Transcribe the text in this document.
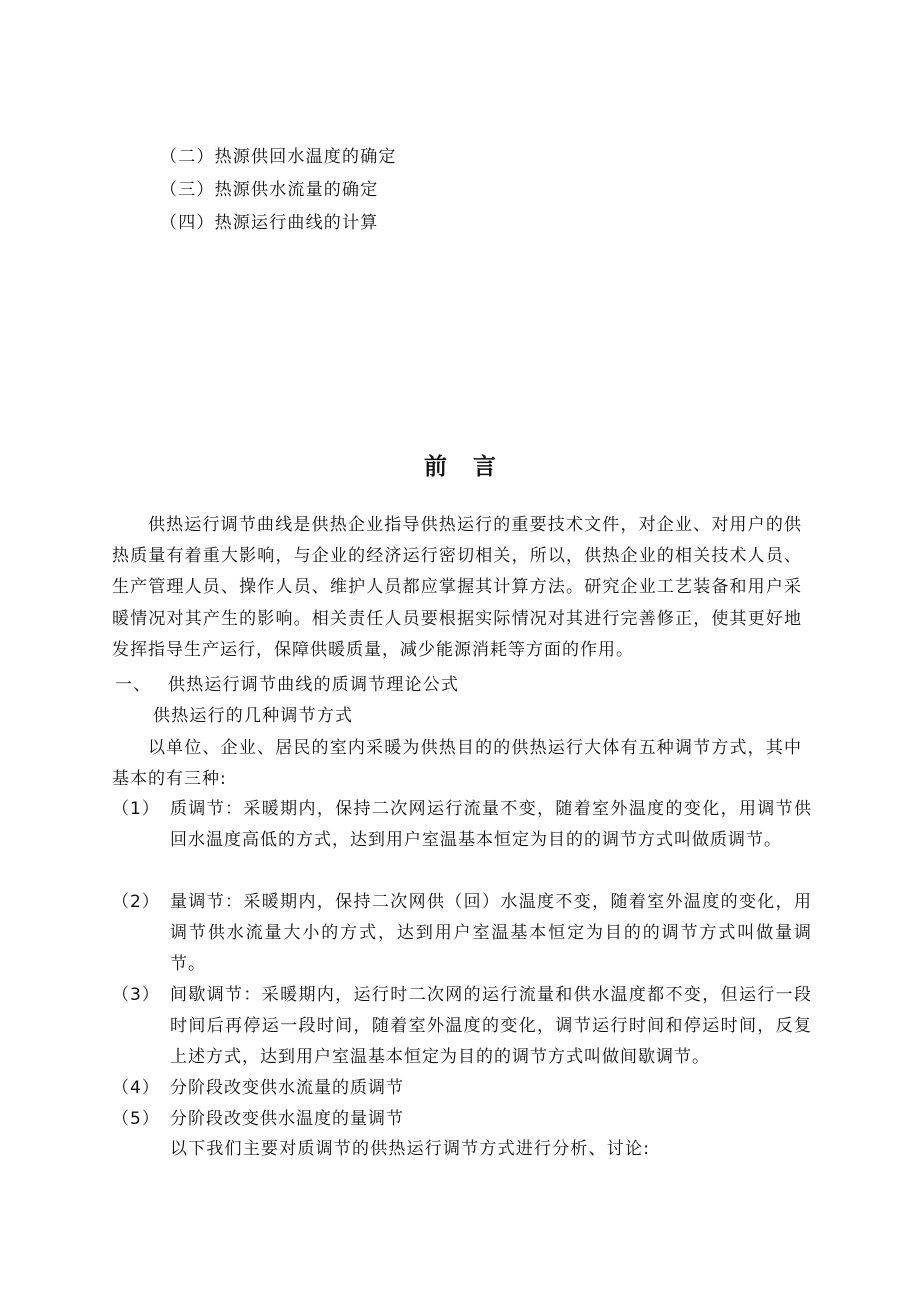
（二）热源供回水温度的确定
（三）热源供水流量的确定
（四）热源运行曲线的计算
前言

供热运行调节曲线是供热企业指导供热运行的重要技术文件，对企业、对用户的供热质量有着重大影响，与企业的经济运行密切相关，所以，供热企业的相关技术人员、生产管理人员、操作人员、维护人员都应掌握其计算方法。研究企业工艺装备和用户采暖情况对其产生的影响。相关责任人员要根据实际情况对其进行完善修正，使其更好地发挥指导生产运行，保障供暖质量，减少能源消耗等方面的作用。

一、 供热运行调节曲线的质调节理论公式
供热运行的几种调节方式

以单位、企业、居民的室内采暖为供热目的的供热运行大体有五种调节方式，其中基本的有三种:

（1） 质调节：采暖期内，保持二次网运行流量不变，随着室外温度的变化，用调节供回水温度高低的方式，达到用户室温基本恒定为目的的调节方式叫做质调节。
（2） 量调节：采暖期内，保持二次网供（回）水温度不变，随着室外温度的变化，用调节供水流量大小的方式，达到用户室温基本恒定为目的的调节方式叫做量调节。
（3） 间歇调节：采暖期内，运行时二次网的运行流量和供水温度都不变，但运行一段时间后再停运一段时间，随着室外温度的变化，调节运行时间和停运时间，反复上述方式，达到用户室温基本恒定为目的的调节方式叫做间歇调节。
（4） 分阶段改变供水流量的质调节
（5） 分阶段改变供水温度的量调节
以下我们主要对质调节的供热运行调节方式进行分析、讨论:
